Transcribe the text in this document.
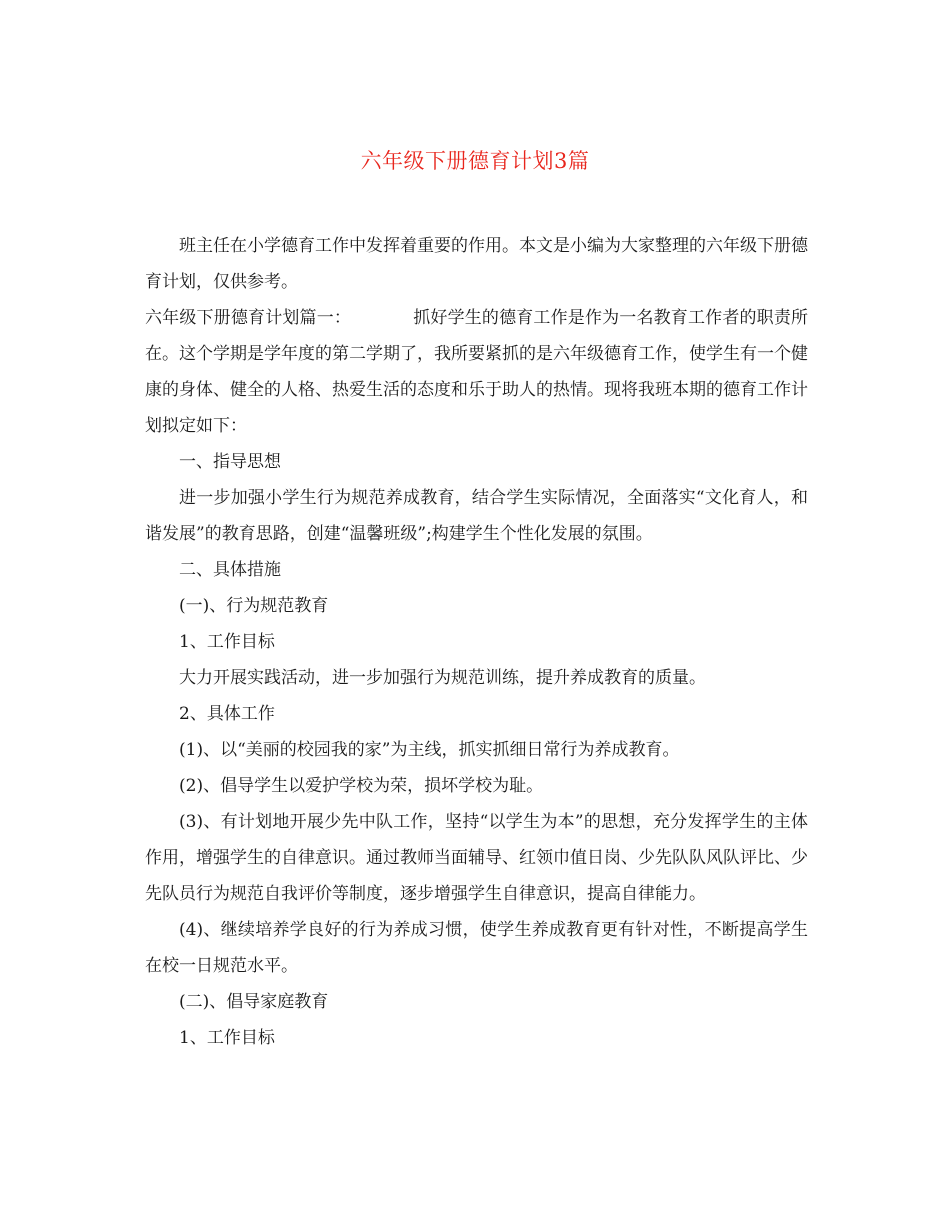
六年级下册德育计划3篇

班主任在小学德育工作中发挥着重要的作用。本文是小编为大家整理的六年级下册德育计划，仅供参考。

六年级下册德育计划篇一：	抓好学生的德育工作是作为一名教育工作者的职责所在。这个学期是学年度的第二学期了，我所要紧抓的是六年级德育工作，使学生有一个健康的身体、健全的人格、热爱生活的态度和乐于助人的热情。现将我班本期的德育工作计划拟定如下：

一、指导思想

进一步加强小学生行为规范养成教育，结合学生实际情况，全面落实“文化育人，和谐发展”的教育思路，创建“温馨班级”;构建学生个性化发展的氛围。

二、具体措施

(一)、行为规范教育

1、工作目标

大力开展实践活动，进一步加强行为规范训练，提升养成教育的质量。

2、具体工作

(1)、以“美丽的校园我的家”为主线，抓实抓细日常行为养成教育。

(2)、倡导学生以爱护学校为荣，损坏学校为耻。

(3)、有计划地开展少先中队工作，坚持“以学生为本”的思想，充分发挥学生的主体作用，增强学生的自律意识。通过教师当面辅导、红领巾值日岗、少先队队风队评比、少先队员行为规范自我评价等制度，逐步增强学生自律意识，提高自律能力。

(4)、继续培养学良好的行为养成习惯，使学生养成教育更有针对性，不断提高学生在校一日规范水平。

(二)、倡导家庭教育

1、工作目标
